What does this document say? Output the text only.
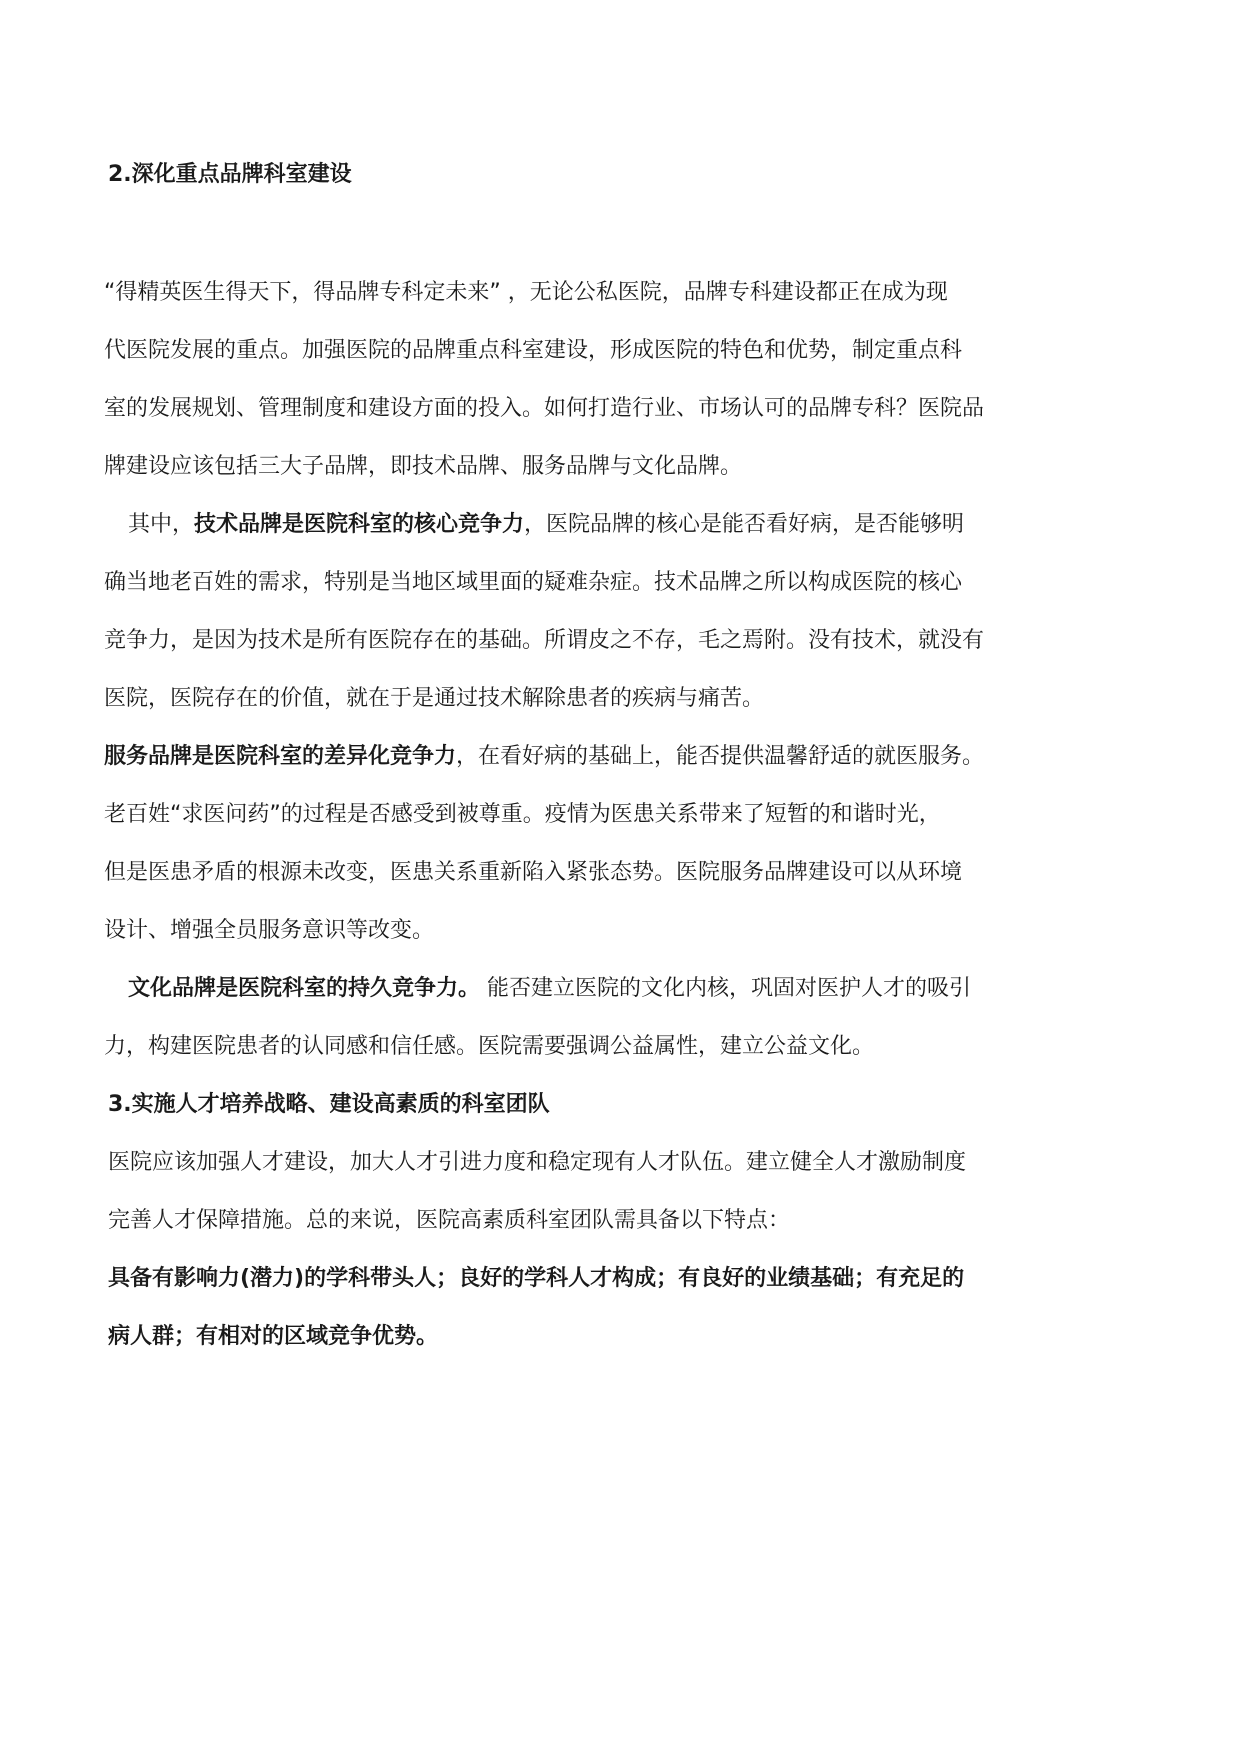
2.深化重点品牌科室建设
“得精英医生得天下，得品牌专科定未来” ，无论公私医院，品牌专科建设都正在成为现
代医院发展的重点。加强医院的品牌重点科室建设，形成医院的特色和优势，制定重点科
室的发展规划、管理制度和建设方面的投入。如何打造行业、市场认可的品牌专科？医院品
牌建设应该包括三大子品牌，即技术品牌、服务品牌与文化品牌。
其中，技术品牌是医院科室的核心竞争力，医院品牌的核心是能否看好病，是否能够明
确当地老百姓的需求，特别是当地区域里面的疑难杂症。技术品牌之所以构成医院的核心
竞争力，是因为技术是所有医院存在的基础。所谓皮之不存，毛之焉附。没有技术，就没有
医院，医院存在的价值，就在于是通过技术解除患者的疾病与痛苦。
服务品牌是医院科室的差异化竞争力，在看好病的基础上，能否提供温馨舒适的就医服务。
老百姓“求医问药”的过程是否感受到被尊重。疫情为医患关系带来了短暂的和谐时光，
但是医患矛盾的根源未改变，医患关系重新陷入紧张态势。医院服务品牌建设可以从环境
设计、增强全员服务意识等改变。
文化品牌是医院科室的持久竞争力。 能否建立医院的文化内核，巩固对医护人才的吸引
力，构建医院患者的认同感和信任感。医院需要强调公益属性，建立公益文化。
3.实施人才培养战略、建设高素质的科室团队
医院应该加强人才建设，加大人才引进力度和稳定现有人才队伍。建立健全人才激励制度
完善人才保障措施。总的来说，医院高素质科室团队需具备以下特点：
具备有影响力(潜力)的学科带头人；良好的学科人才构成；有良好的业绩基础；有充足的
病人群；有相对的区域竞争优势。
